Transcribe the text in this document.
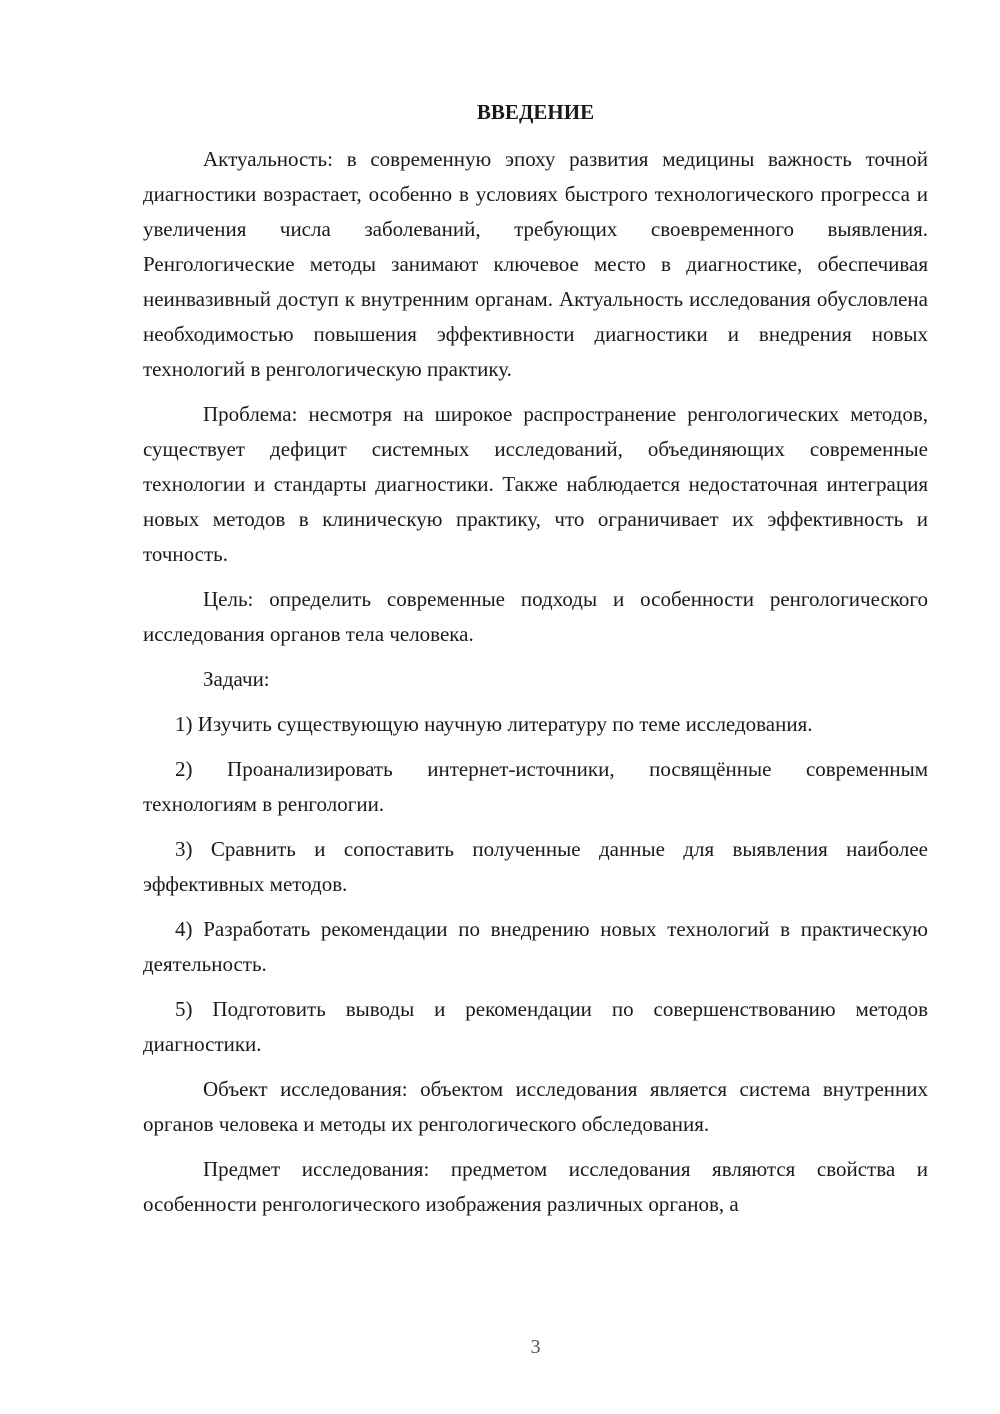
ВВЕДЕНИЕ

Актуальность: в современную эпоху развития медицины важность точной диагностики возрастает, особенно в условиях быстрого технологического прогресса и увеличения числа заболеваний, требующих своевременного выявления. Ренгологические методы занимают ключевое место в диагностике, обеспечивая неинвазивный доступ к внутренним органам. Актуальность исследования обусловлена необходимостью повышения эффективности диагностики и внедрения новых технологий в ренгологическую практику.

Проблема: несмотря на широкое распространение ренгологических методов, существует дефицит системных исследований, объединяющих современные технологии и стандарты диагностики. Также наблюдается недостаточная интеграция новых методов в клиническую практику, что ограничивает их эффективность и точность.

Цель: определить современные подходы и особенности ренгологического исследования органов тела человека.

Задачи:

1) Изучить существующую научную литературу по теме исследования.

2) Проанализировать интернет-источники, посвящённые современным технологиям в ренгологии.

3) Сравнить и сопоставить полученные данные для выявления наиболее эффективных методов.

4) Разработать рекомендации по внедрению новых технологий в практическую деятельность.

5) Подготовить выводы и рекомендации по совершенствованию методов диагностики.

Объект исследования: объектом исследования является система внутренних органов человека и методы их ренгологического обследования.

Предмет исследования: предметом исследования являются свойства и особенности ренгологического изображения различных органов, а

3
